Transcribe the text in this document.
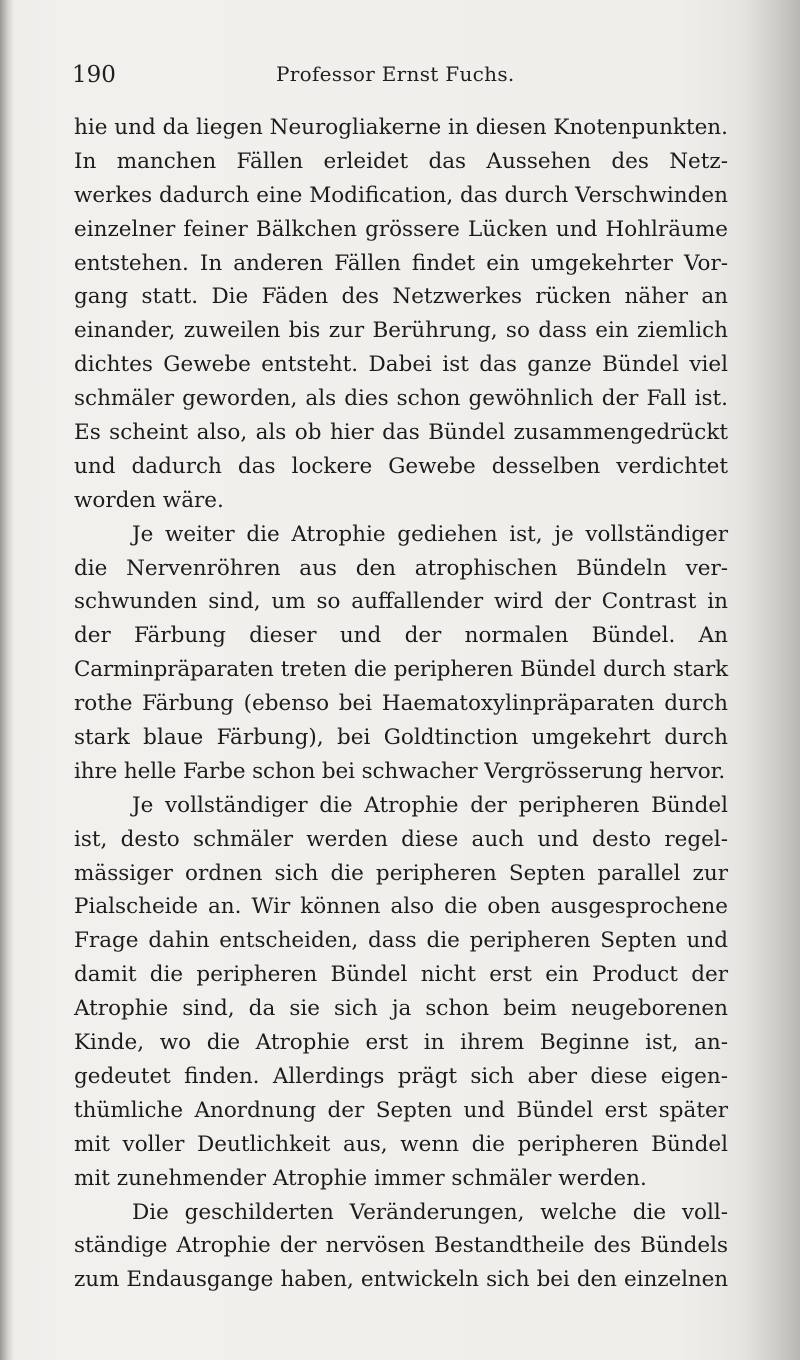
190	Professor Ernst Fuchs.
hie und da liegen Neurogliakerne in diesen Knotenpunkten.
In manchen Fällen erleidet das Aussehen des Netz-
werkes dadurch eine Modification, das durch Verschwinden
einzelner feiner Bälkchen grössere Lücken und Hohlräume
entstehen. In anderen Fällen findet ein umgekehrter Vor-
gang statt. Die Fäden des Netzwerkes rücken näher an
einander, zuweilen bis zur Berührung, so dass ein ziemlich
dichtes Gewebe entsteht. Dabei ist das ganze Bündel viel
schmäler geworden, als dies schon gewöhnlich der Fall ist.
Es scheint also, als ob hier das Bündel zusammengedrückt
und dadurch das lockere Gewebe desselben verdichtet
worden wäre.
Je weiter die Atrophie gediehen ist, je vollständiger
die Nervenröhren aus den atrophischen Bündeln ver-
schwunden sind, um so auffallender wird der Contrast in
der Färbung dieser und der normalen Bündel. An
Carminpräparaten treten die peripheren Bündel durch stark
rothe Färbung (ebenso bei Haematoxylinpräparaten durch
stark blaue Färbung), bei Goldtinction umgekehrt durch
ihre helle Farbe schon bei schwacher Vergrösserung hervor.
Je vollständiger die Atrophie der peripheren Bündel
ist, desto schmäler werden diese auch und desto regel-
mässiger ordnen sich die peripheren Septen parallel zur
Pialscheide an. Wir können also die oben ausgesprochene
Frage dahin entscheiden, dass die peripheren Septen und
damit die peripheren Bündel nicht erst ein Product der
Atrophie sind, da sie sich ja schon beim neugeborenen
Kinde, wo die Atrophie erst in ihrem Beginne ist, an-
gedeutet finden. Allerdings prägt sich aber diese eigen-
thümliche Anordnung der Septen und Bündel erst später
mit voller Deutlichkeit aus, wenn die peripheren Bündel
mit zunehmender Atrophie immer schmäler werden.
Die geschilderten Veränderungen, welche die voll-
ständige Atrophie der nervösen Bestandtheile des Bündels
zum Endausgange haben, entwickeln sich bei den einzelnen
